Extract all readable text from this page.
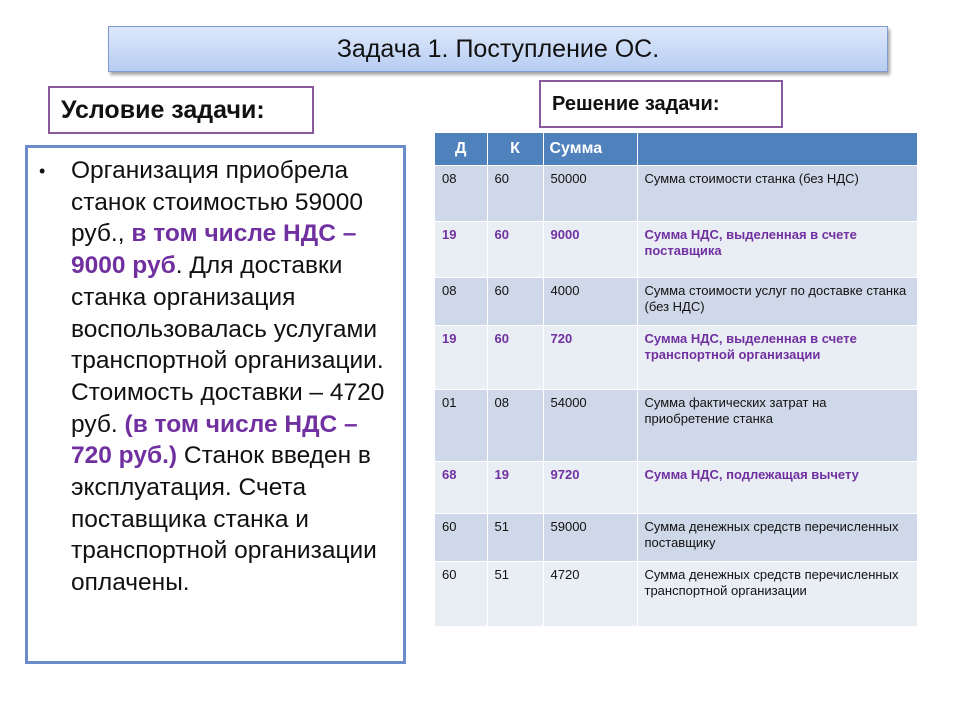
Задача 1. Поступление ОС.
Условие задачи:	Решение задачи:
• Организация приобрела станок стоимостью 59000 руб., в том числе НДС – 9000 руб. Для доставки станка организация воспользовалась услугами транспортной организации. Стоимость доставки – 4720 руб. (в том числе НДС – 720 руб.) Станок введен в эксплуатация. Счета поставщика станка и транспортной организации оплачены.
Д	К	Сумма	
08	60	50000	Сумма стоимости станка (без НДС)
19	60	9000	Сумма НДС, выделенная в счете поставщика
08	60	4000	Сумма стоимости услуг по доставке станка (без НДС)
19	60	720	Сумма НДС, выделенная в счете транспортной организации
01	08	54000	Сумма фактических затрат на приобретение станка
68	19	9720	Сумма НДС, подлежащая вычету
60	51	59000	Сумма денежных средств перечисленных поставщику
60	51	4720	Сумма денежных средств перечисленных транспортной организации
